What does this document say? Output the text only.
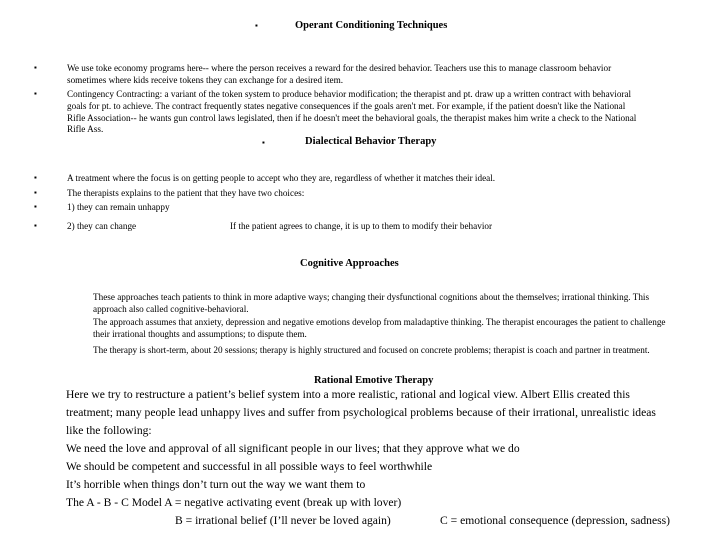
▪	Operant Conditioning Techniques
▪	We use toke economy programs here-- where the person receives a reward for the desired behavior. Teachers use this to manage classroom behavior
sometimes where kids receive tokens they can exchange for a desired item.
▪	Contingency Contracting: a variant of the token system to produce behavior modification; the therapist and pt. draw up a written contract with behavioral
goals for pt. to achieve. The contract frequently states negative consequences if the goals aren't met. For example, if the patient doesn't like the National
Rifle Association-- he wants gun control laws legislated, then if he doesn't meet the behavioral goals, the therapist makes him write a check to the National
Rifle Ass.
▪	Dialectical Behavior Therapy
▪	A treatment where the focus is on getting people to accept who they are, regardless of whether it matches their ideal.
▪	The therapists explains to the patient that they have two choices:
▪	1) they can remain unhappy
▪	2) they can change	If the patient agrees to change, it is up to them to modify their behavior
Cognitive Approaches
These approaches teach patients to think in more adaptive ways; changing their dysfunctional cognitions about the themselves; irrational thinking. This
approach also called cognitive-behavioral.
The approach assumes that anxiety, depression and negative emotions develop from maladaptive thinking. The therapist encourages the patient to challenge
their irrational thoughts and assumptions; to dispute them.
The therapy is short-term, about 20 sessions; therapy is highly structured and focused on concrete problems; therapist is coach and partner in treatment.
Rational Emotive Therapy
Here we try to restructure a patient’s belief system into a more realistic, rational and logical view. Albert Ellis created this
treatment; many people lead unhappy lives and suffer from psychological problems because of their irrational, unrealistic ideas
like the following:
We need the love and approval of all significant people in our lives; that they approve what we do
We should be competent and successful in all possible ways to feel worthwhile
It’s horrible when things don’t turn out the way we want them to
The A - B - C Model A = negative activating event (break up with lover)
B = irrational belief (I’ll never be loved again)	C = emotional consequence (depression, sadness)
